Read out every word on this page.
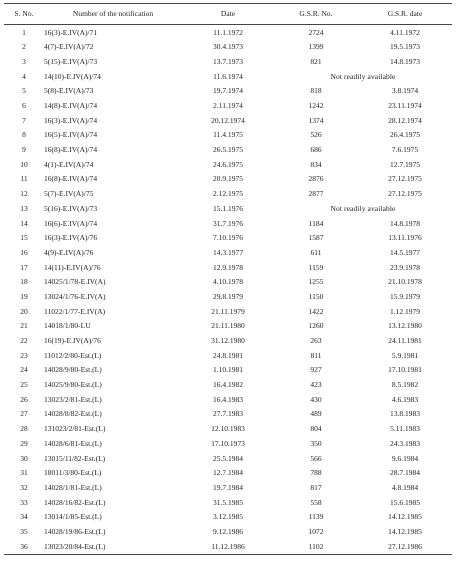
S. No.	Number of the notification	Date	G.S.R. No.	G.S.R. date
1	16(3)-E.IV(A)/71	11.1.1972	2724	4.11.1972
2	4(7)-E.IV(A)/72	30.4.1973	1399	19.5.1973
3	5(15)-E.IV(A)/73	13.7.1973	821	14.8.1973
4	14(10)-E.IV(A)/74	11.6.1974	Not readily available	
5	5(8)-E.IV(A)/73	19.7.1974	818	3.8.1974
6	14(8)-E.IV(A)/74	2.11.1974	1242	23.11.1974
7	16(3)-E.IV(A)/74	20.12.1974	1374	28.12.1974
8	16(5)-E.IV(A)/74	11.4.1975	526	26.4.1975
9	16(8)-E.IV(A)/74	26.5.1975	686	7.6.1975
10	4(1)-E.IV(A)/74	24.6.1975	834	12.7.1975
11	16(8)-E.IV(A)/74	20.9.1975	2876	27.12.1975
12	5(7)-E.IV(A)/75	2.12.1975	2877	27.12.1975
13	5(16)-E.IV(A)/73	15.1.1976	Not readily available	
14	16(6)-E.IV(A)/74	31.7.1976	1184	14.8.1978
15	16(3)-E.IV(A)/76	7.10.1976	1587	13.11.1976
16	4(9)-E.IV(A)/76	14.3.1977	611	14.5.1977
17	14(11)-E.IV(A)/76	12.9.1978	1159	23.9.1978
18	14025/1/78-E.IV(A)	4.10.1978	1255	21.10.1978
19	13024/1/76-E.IV(A)	29.8.1979	1150	15.9.1979
20	11022/1/77-E.IV(A)	21.11.1979	1422	1.12.1979
21	14018/1/80-LU	21.11.1980	1260	13.12.1980
22	16(19)-E.IV(A)/76	31.12.1980	263	24.11.1981
23	11012/2/80-Est.(L)	24.8.1981	811	5.9.1981
24	14028/9/80-Est.(L)	1.10.1981	927	17.10.1981
25	14025/9/80-Est.(L)	16.4.1982	423	8.5.1982
26	13023/2/81-Est.(L)	16.4.1983	430	4.6.1983
27	14028/8/82-Est.(L)	27.7.1983	489	13.8.1983
28	131023/2/81-Est.(L)	12.10.1983	804	5.11.1983
29	14028/6/81-Est.(L)	17.10.1973	350	24.3.1983
30	13015/11/82-Est.(L)	25.5.1984	566	9.6.1984
31	18011/3/80-Est.(L)	12.7.1984	788	28.7.1984
32	14028/1/81-Est.(L)	19.7.1984	817	4.8.1984
33	14028/16/82-Est.(L)	31.5.1985	558	15.6.1985
34	13014/1/85-Est.(L)	3.12.1985	1139	14.12.1985
35	14028/19/86-Est.(L)	9.12.1986	1072	14.12.1985
36	13023/20/84-Est.(L)	11.12.1986	1102	27.12.1986
